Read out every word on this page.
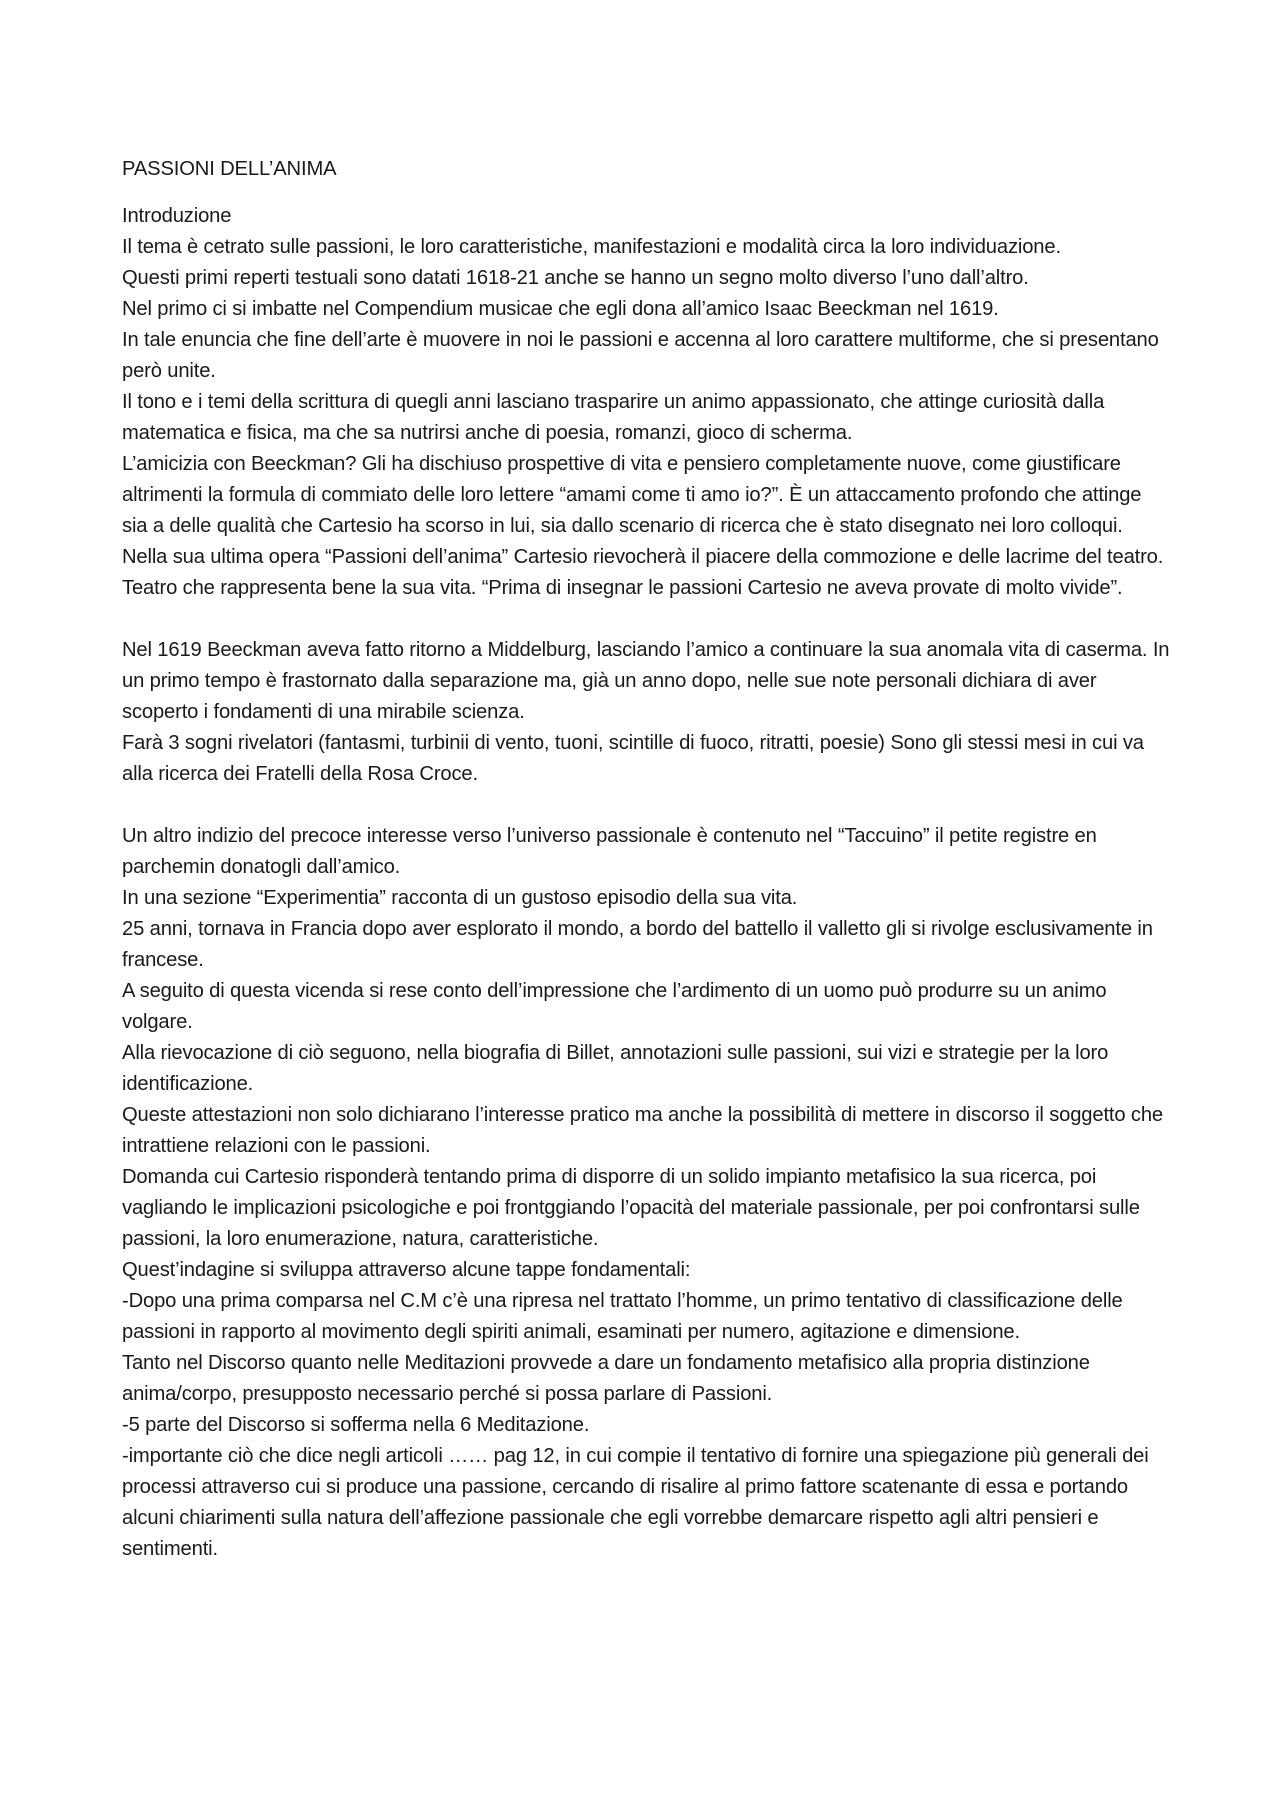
PASSIONI DELL’ANIMA

Introduzione

Il tema è cetrato sulle passioni, le loro caratteristiche, manifestazioni e modalità circa la loro individuazione.

Questi primi reperti testuali sono datati 1618-21 anche se hanno un segno molto diverso l’uno dall’altro.

Nel primo ci si imbatte nel Compendium musicae che egli dona all’amico Isaac Beeckman nel 1619.

In tale enuncia che fine dell’arte è muovere in noi le passioni e accenna al loro carattere multiforme, che si presentano però unite.

Il tono e i temi della scrittura di quegli anni lasciano trasparire un animo appassionato, che attinge curiosità dalla matematica e fisica, ma che sa nutrirsi anche di poesia, romanzi, gioco di scherma.

L’amicizia con Beeckman? Gli ha dischiuso prospettive di vita e pensiero completamente nuove, come giustificare altrimenti la formula di commiato delle loro lettere “amami come ti amo io?”. È un attaccamento profondo che attinge sia a delle qualità che Cartesio ha scorso in lui, sia dallo scenario di ricerca che è stato disegnato nei loro colloqui.

Nella sua ultima opera “Passioni dell’anima” Cartesio rievocherà il piacere della commozione e delle lacrime del teatro. Teatro che rappresenta bene la sua vita. “Prima di insegnar le passioni Cartesio ne aveva provate di molto vivide”.

Nel 1619 Beeckman aveva fatto ritorno a Middelburg, lasciando l’amico a continuare la sua anomala vita di caserma. In un primo tempo è frastornato dalla separazione ma, già un anno dopo, nelle sue note personali dichiara di aver scoperto i fondamenti di una mirabile scienza.

Farà 3 sogni rivelatori (fantasmi, turbinii di vento, tuoni, scintille di fuoco, ritratti, poesie) Sono gli stessi mesi in cui va alla ricerca dei Fratelli della Rosa Croce.

Un altro indizio del precoce interesse verso l’universo passionale è contenuto nel “Taccuino” il petite registre en parchemin donatogli dall’amico.

In una sezione “Experimentia” racconta di un gustoso episodio della sua vita.

25 anni, tornava in Francia dopo aver esplorato il mondo, a bordo del battello il valletto gli si rivolge esclusivamente in francese.

A seguito di questa vicenda si rese conto dell’impressione che l’ardimento di un uomo può produrre su un animo volgare.

Alla rievocazione di ciò seguono, nella biografia di Billet, annotazioni sulle passioni, sui vizi e strategie per la loro identificazione.

Queste attestazioni non solo dichiarano l’interesse pratico ma anche la possibilità di mettere in discorso il soggetto che intrattiene relazioni con le passioni.

Domanda cui Cartesio risponderà tentando prima di disporre di un solido impianto metafisico la sua ricerca, poi vagliando le implicazioni psicologiche e poi frontggiando l’opacità del materiale passionale, per poi confrontarsi sulle passioni, la loro enumerazione, natura, caratteristiche.

Quest’indagine si sviluppa attraverso alcune tappe fondamentali:

-Dopo una prima comparsa nel C.M c’è una ripresa nel trattato l’homme, un primo tentativo di classificazione delle passioni in rapporto al movimento degli spiriti animali, esaminati per numero, agitazione e dimensione.

Tanto nel Discorso quanto nelle Meditazioni provvede a dare un fondamento metafisico alla propria distinzione anima/corpo, presupposto necessario perché si possa parlare di Passioni.

-5 parte del Discorso si sofferma nella 6 Meditazione.

-importante ciò che dice negli articoli …… pag 12, in cui compie il tentativo di fornire una spiegazione più generali dei processi attraverso cui si produce una passione, cercando di risalire al primo fattore scatenante di essa e portando alcuni chiarimenti sulla natura dell’affezione passionale che egli vorrebbe demarcare rispetto agli altri pensieri e sentimenti.
